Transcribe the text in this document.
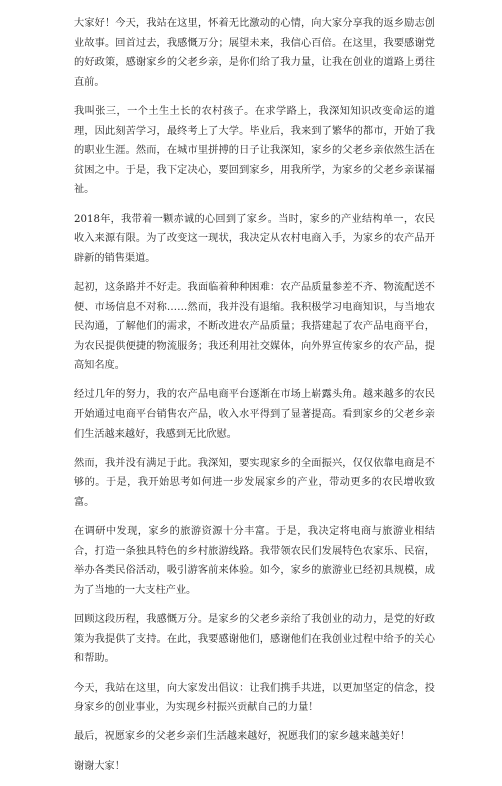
大家好！今天，我站在这里，怀着无比激动的心情，向大家分享我的返乡励志创业故事。回首过去，我感慨万分；展望未来，我信心百倍。在这里，我要感谢党的好政策，感谢家乡的父老乡亲，是你们给了我力量，让我在创业的道路上勇往直前。

我叫张三，一个土生土长的农村孩子。在求学路上，我深知知识改变命运的道理，因此刻苦学习，最终考上了大学。毕业后，我来到了繁华的都市，开始了我的职业生涯。然而，在城市里拼搏的日子让我深知，家乡的父老乡亲依然生活在贫困之中。于是，我下定决心，要回到家乡，用我所学，为家乡的父老乡亲谋福祉。

2018年，我带着一颗赤诚的心回到了家乡。当时，家乡的产业结构单一，农民收入来源有限。为了改变这一现状，我决定从农村电商入手，为家乡的农产品开辟新的销售渠道。

起初，这条路并不好走。我面临着种种困难：农产品质量参差不齐、物流配送不便、市场信息不对称……然而，我并没有退缩。我积极学习电商知识，与当地农民沟通，了解他们的需求，不断改进农产品质量；我搭建起了农产品电商平台，为农民提供便捷的物流服务；我还利用社交媒体，向外界宣传家乡的农产品，提高知名度。

经过几年的努力，我的农产品电商平台逐渐在市场上崭露头角。越来越多的农民开始通过电商平台销售农产品，收入水平得到了显著提高。看到家乡的父老乡亲们生活越来越好，我感到无比欣慰。

然而，我并没有满足于此。我深知，要实现家乡的全面振兴，仅仅依靠电商是不够的。于是，我开始思考如何进一步发展家乡的产业，带动更多的农民增收致富。

在调研中发现，家乡的旅游资源十分丰富。于是，我决定将电商与旅游业相结合，打造一条独具特色的乡村旅游线路。我带领农民们发展特色农家乐、民宿，举办各类民俗活动，吸引游客前来体验。如今，家乡的旅游业已经初具规模，成为了当地的一大支柱产业。

回顾这段历程，我感慨万分。是家乡的父老乡亲给了我创业的动力，是党的好政策为我提供了支持。在此，我要感谢他们，感谢他们在我创业过程中给予的关心和帮助。

今天，我站在这里，向大家发出倡议：让我们携手共进，以更加坚定的信念，投身家乡的创业事业，为实现乡村振兴贡献自己的力量！

最后，祝愿家乡的父老乡亲们生活越来越好，祝愿我们的家乡越来越美好！

谢谢大家！
